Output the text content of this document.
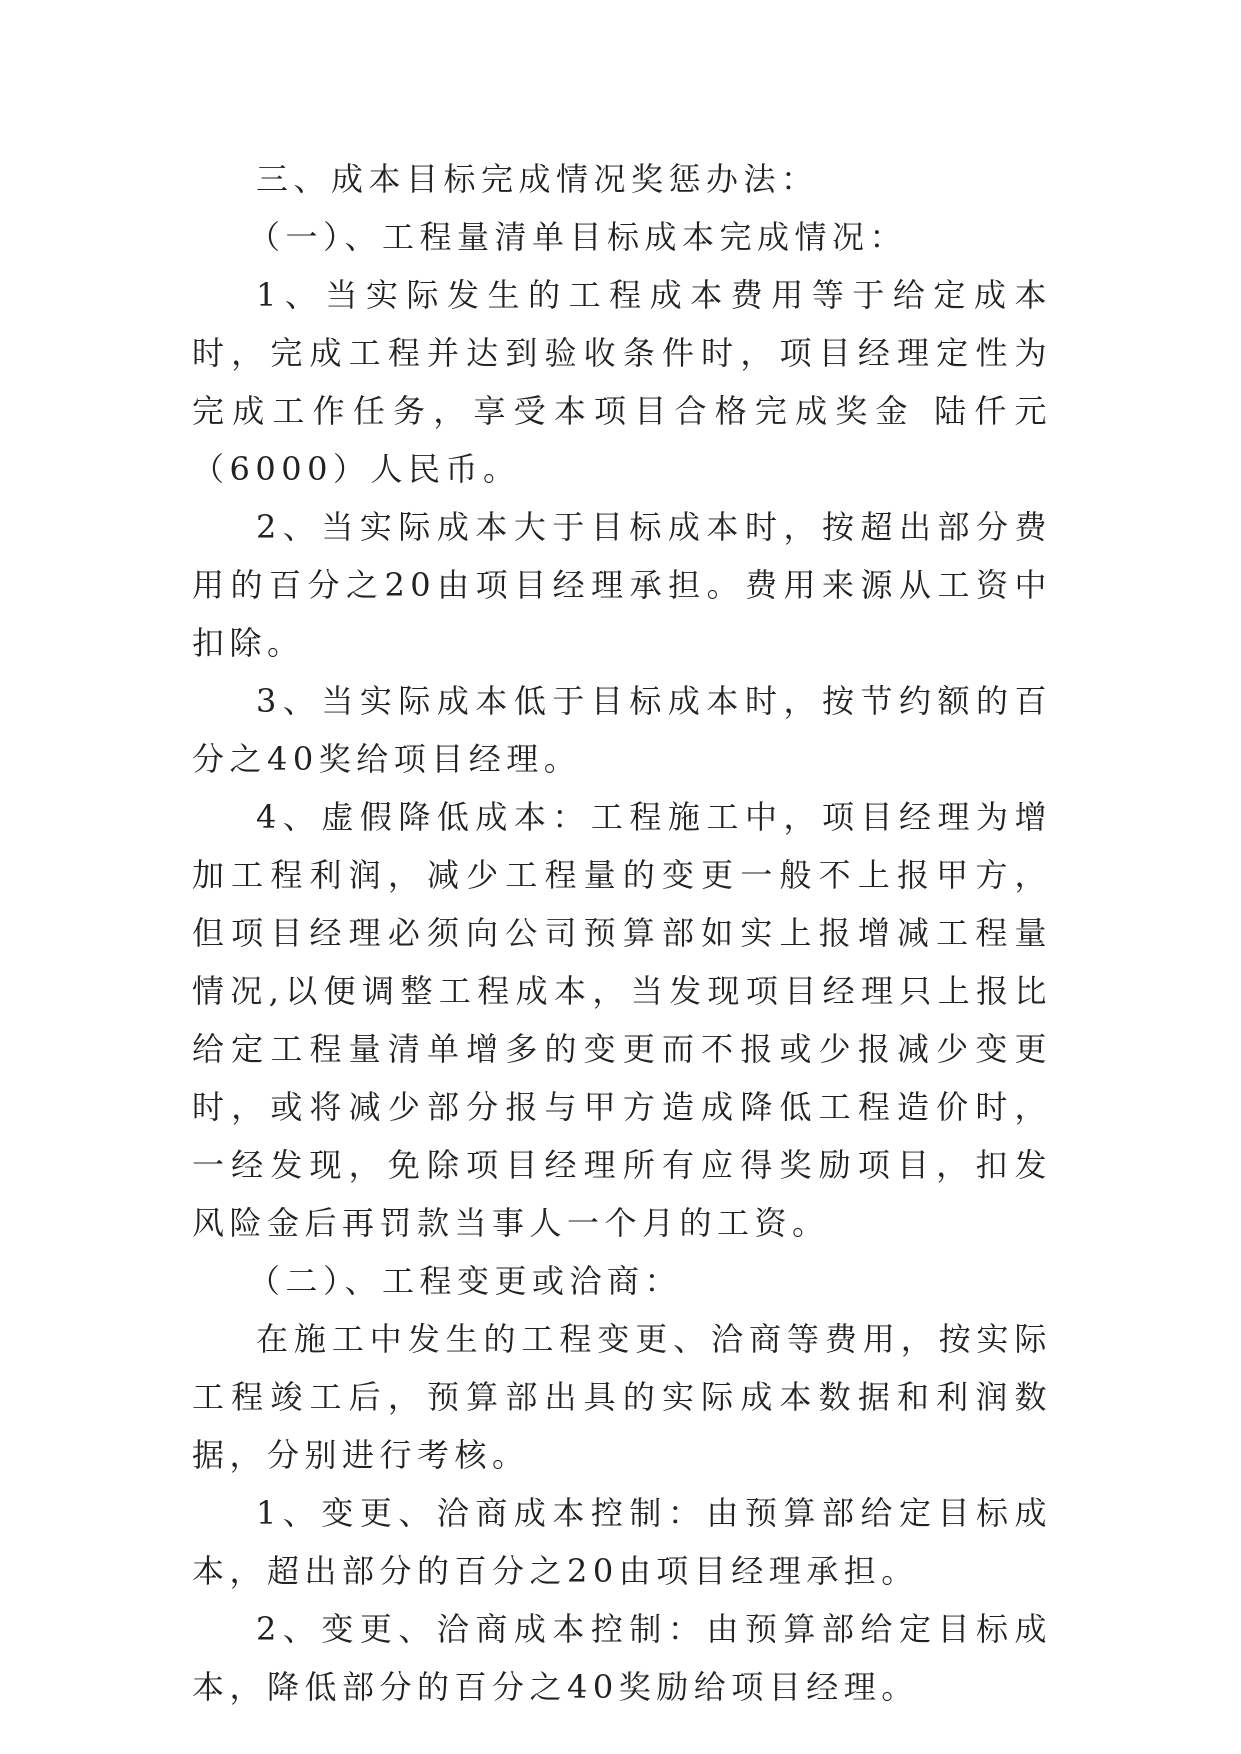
三、成本目标完成情况奖惩办法：

（一）、工程量清单目标成本完成情况：

1、当实际发生的工程成本费用等于给定成本时，完成工程并达到验收条件时，项目经理定性为完成工作任务，享受本项目合格完成奖金 陆仟元（6000）人民币。

2、当实际成本大于目标成本时，按超出部分费用的百分之20由项目经理承担。费用来源从工资中扣除。

3、当实际成本低于目标成本时，按节约额的百分之40奖给项目经理。

4、虚假降低成本：工程施工中，项目经理为增加工程利润，减少工程量的变更一般不上报甲方，但项目经理必须向公司预算部如实上报增减工程量情况,以便调整工程成本，当发现项目经理只上报比给定工程量清单增多的变更而不报或少报减少变更时，或将减少部分报与甲方造成降低工程造价时，一经发现，免除项目经理所有应得奖励项目，扣发风险金后再罚款当事人一个月的工资。

（二）、工程变更或洽商：

在施工中发生的工程变更、洽商等费用，按实际工程竣工后，预算部出具的实际成本数据和利润数据，分别进行考核。

1、变更、洽商成本控制：由预算部给定目标成本，超出部分的百分之20由项目经理承担。

2、变更、洽商成本控制：由预算部给定目标成本，降低部分的百分之40奖励给项目经理。
